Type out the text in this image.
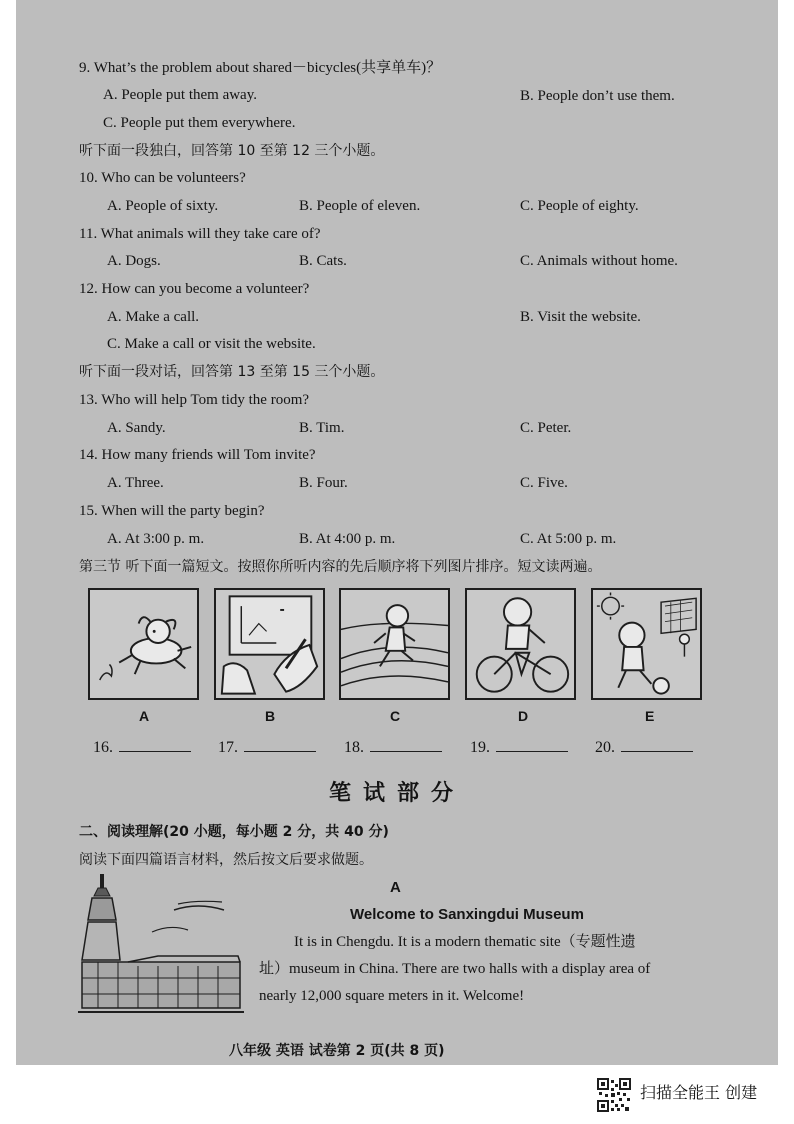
9. What’s the problem about shared－bicycles(共享单车)？
A. People put them away.	B. People don’t use them.
C. People put them everywhere.
听下面一段独白，回答第 10 至第 12 三个小题。
10. Who can be volunteers?
A. People of sixty.	B. People of eleven.	C. People of eighty.
11. What animals will they take care of?
A. Dogs.	B. Cats.	C. Animals without home.
12. How can you become a volunteer?
A. Make a call.	B. Visit the website.
C. Make a call or visit the website.
听下面一段对话，回答第 13 至第 15 三个小题。
13. Who will help Tom tidy the room?
A. Sandy.	B. Tim.	C. Peter.
14. How many friends will Tom invite?
A. Three.	B. Four.	C. Five.
15. When will the party begin?
A. At 3:00 p. m.	B. At 4:00 p. m.	C. At 5:00 p. m.
第三节 听下面一篇短文。按照你所听内容的先后顺序将下列图片排序。短文读两遍。
A	B	C	D	E
16.	17.	18.	19.	20.
笔试部分
二、阅读理解(20 小题，每小题 2 分，共 40 分)
阅读下面四篇语言材料，然后按文后要求做题。
A
Welcome to Sanxingdui Museum
It is in Chengdu. It is a modern thematic site（专题性遗
址）museum in China. There are two halls with a display area of
nearly 12,000 square meters in it. Welcome!
八年级 英语 试卷第 2 页(共 8 页)
扫描全能王 创建
